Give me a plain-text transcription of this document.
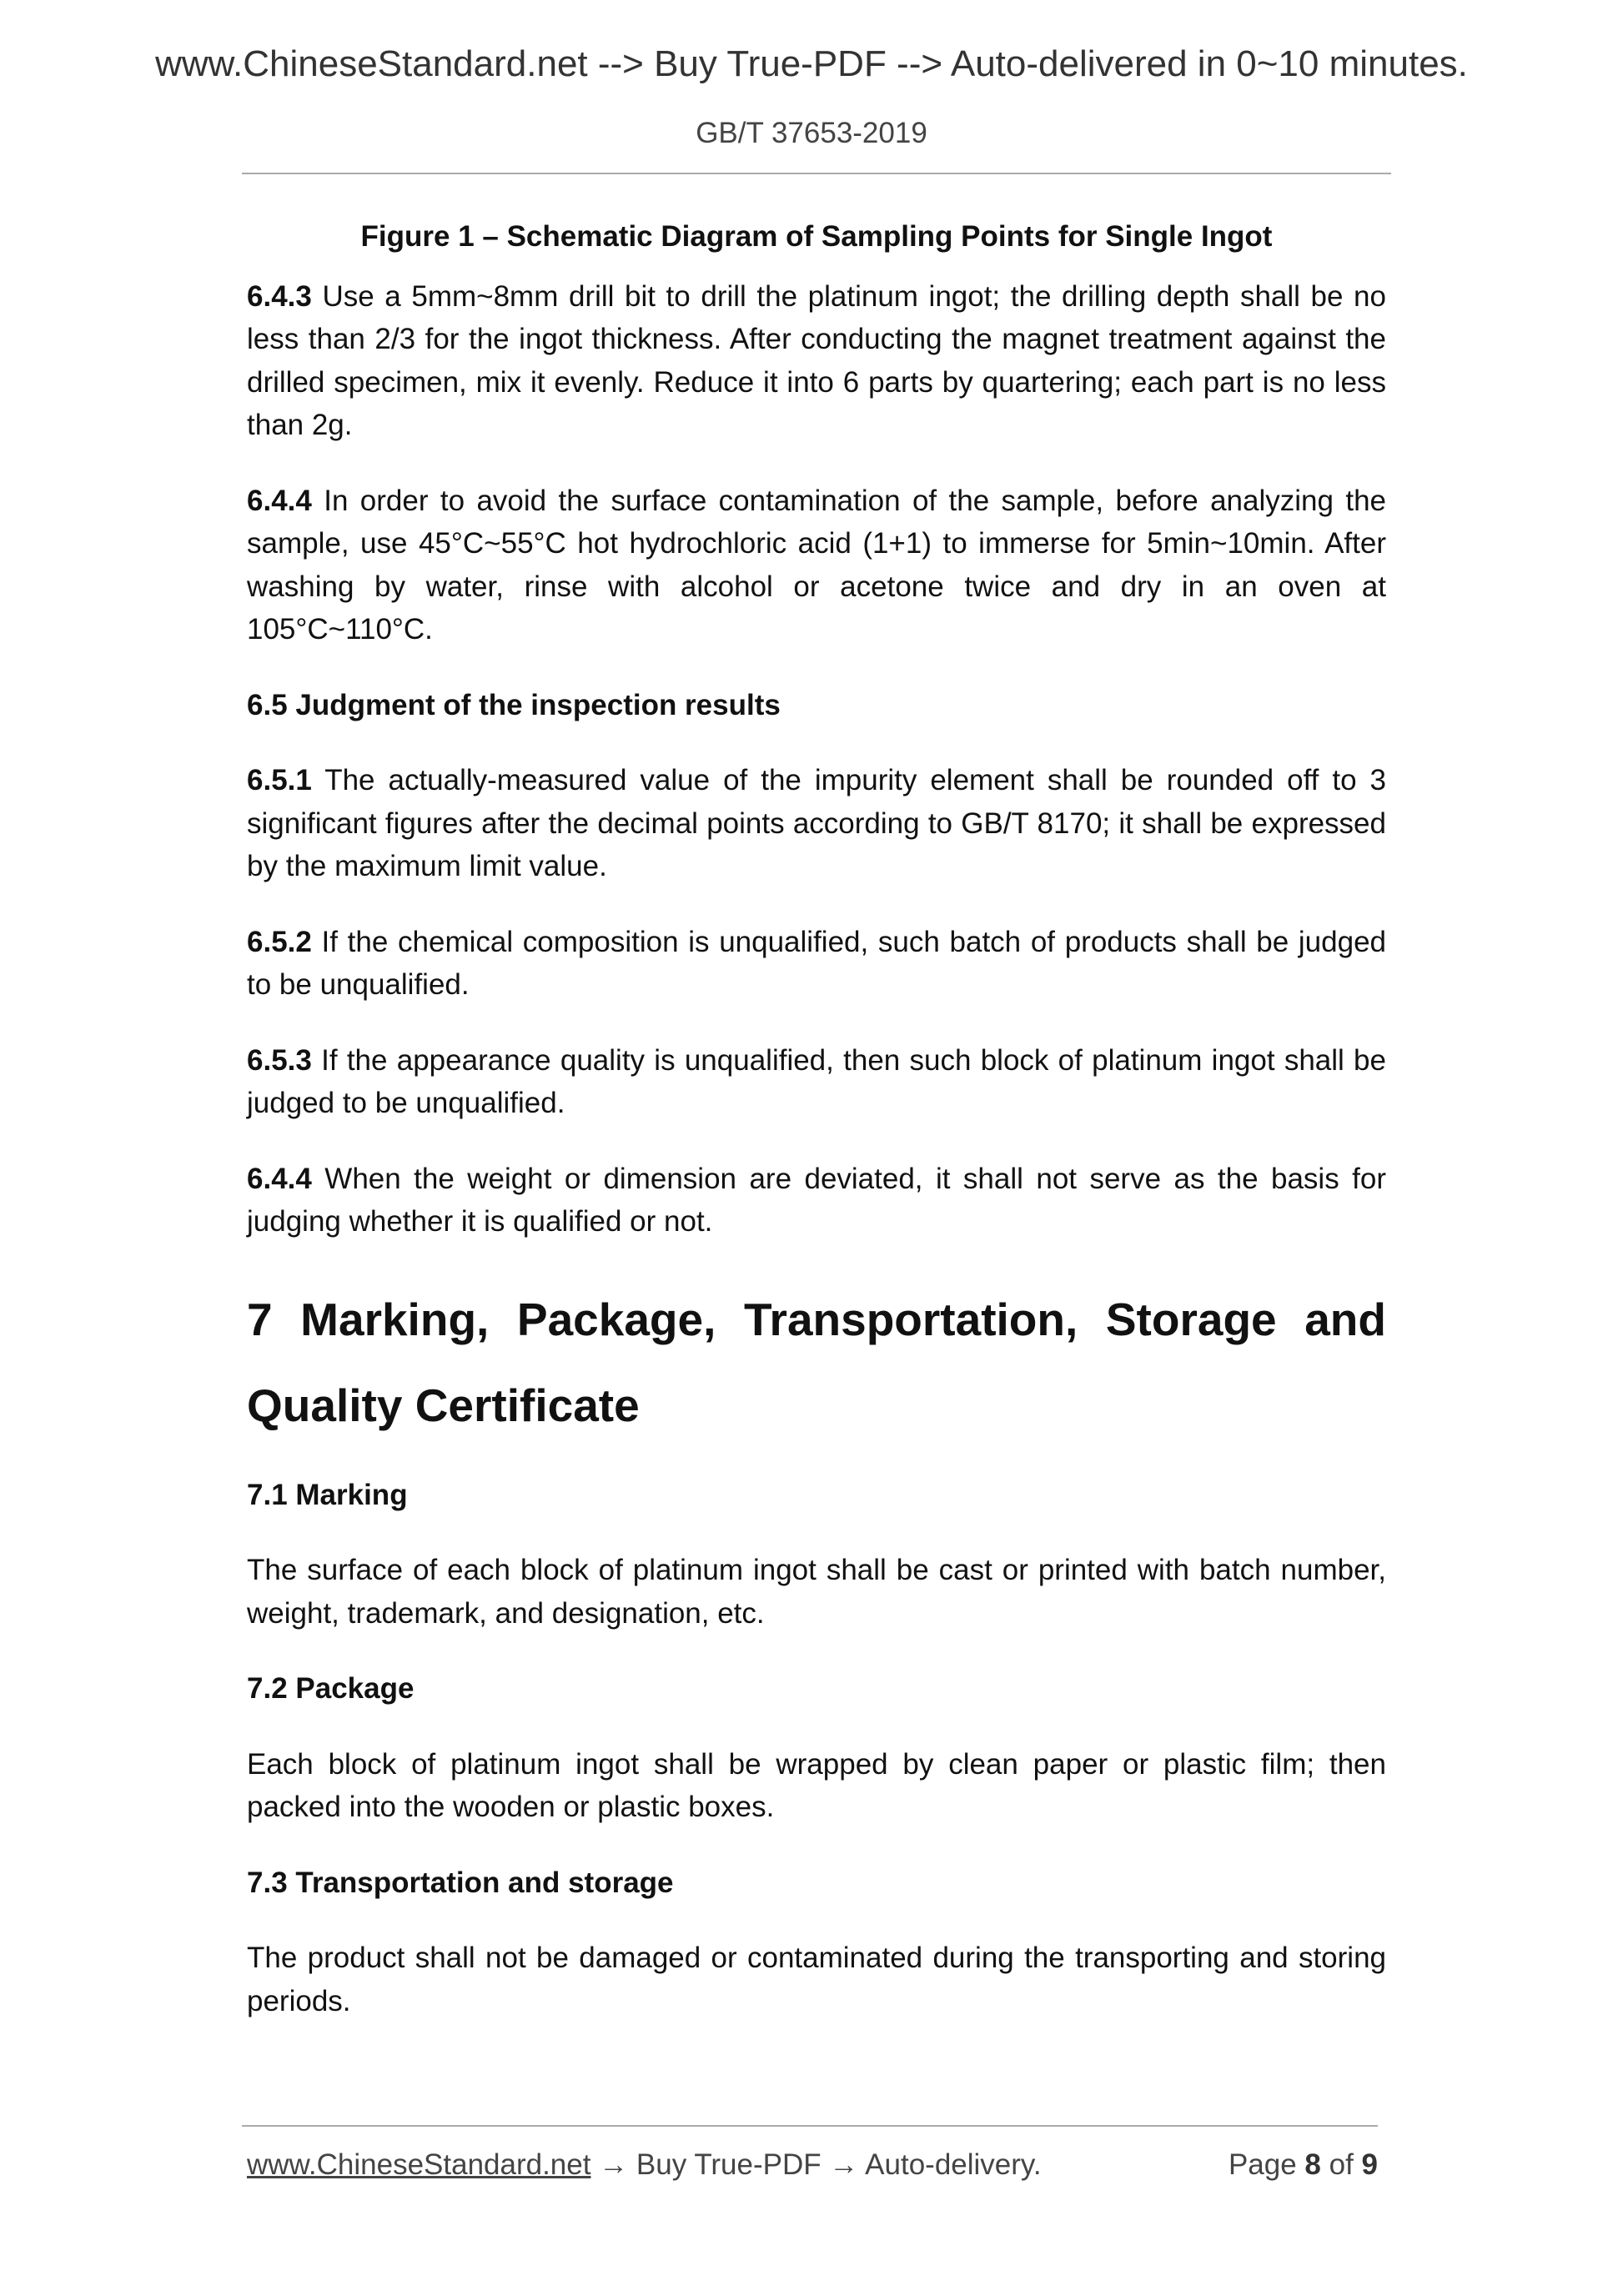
www.ChineseStandard.net --> Buy True-PDF --> Auto-delivered in 0~10 minutes.
GB/T 37653-2019
Figure 1 – Schematic Diagram of Sampling Points for Single Ingot

6.4.3 Use a 5mm~8mm drill bit to drill the platinum ingot; the drilling depth shall be no less than 2/3 for the ingot thickness. After conducting the magnet treatment against the drilled specimen, mix it evenly. Reduce it into 6 parts by quartering; each part is no less than 2g.

6.4.4 In order to avoid the surface contamination of the sample, before analyzing the sample, use 45°C~55°C hot hydrochloric acid (1+1) to immerse for 5min~10min. After washing by water, rinse with alcohol or acetone twice and dry in an oven at 105°C~110°C.

6.5 Judgment of the inspection results

6.5.1 The actually-measured value of the impurity element shall be rounded off to 3 significant figures after the decimal points according to GB/T 8170; it shall be expressed by the maximum limit value.

6.5.2 If the chemical composition is unqualified, such batch of products shall be judged to be unqualified.

6.5.3 If the appearance quality is unqualified, then such block of platinum ingot shall be judged to be unqualified.

6.4.4 When the weight or dimension are deviated, it shall not serve as the basis for judging whether it is qualified or not.

7 Marking, Package, Transportation, Storage and Quality Certificate
7.1 Marking

The surface of each block of platinum ingot shall be cast or printed with batch number, weight, trademark, and designation, etc.

7.2 Package

Each block of platinum ingot shall be wrapped by clean paper or plastic film; then packed into the wooden or plastic boxes.

7.3 Transportation and storage

The product shall not be damaged or contaminated during the transporting and storing periods.

www.ChineseStandard.net → Buy True-PDF → Auto-delivery.	Page 8 of 9
